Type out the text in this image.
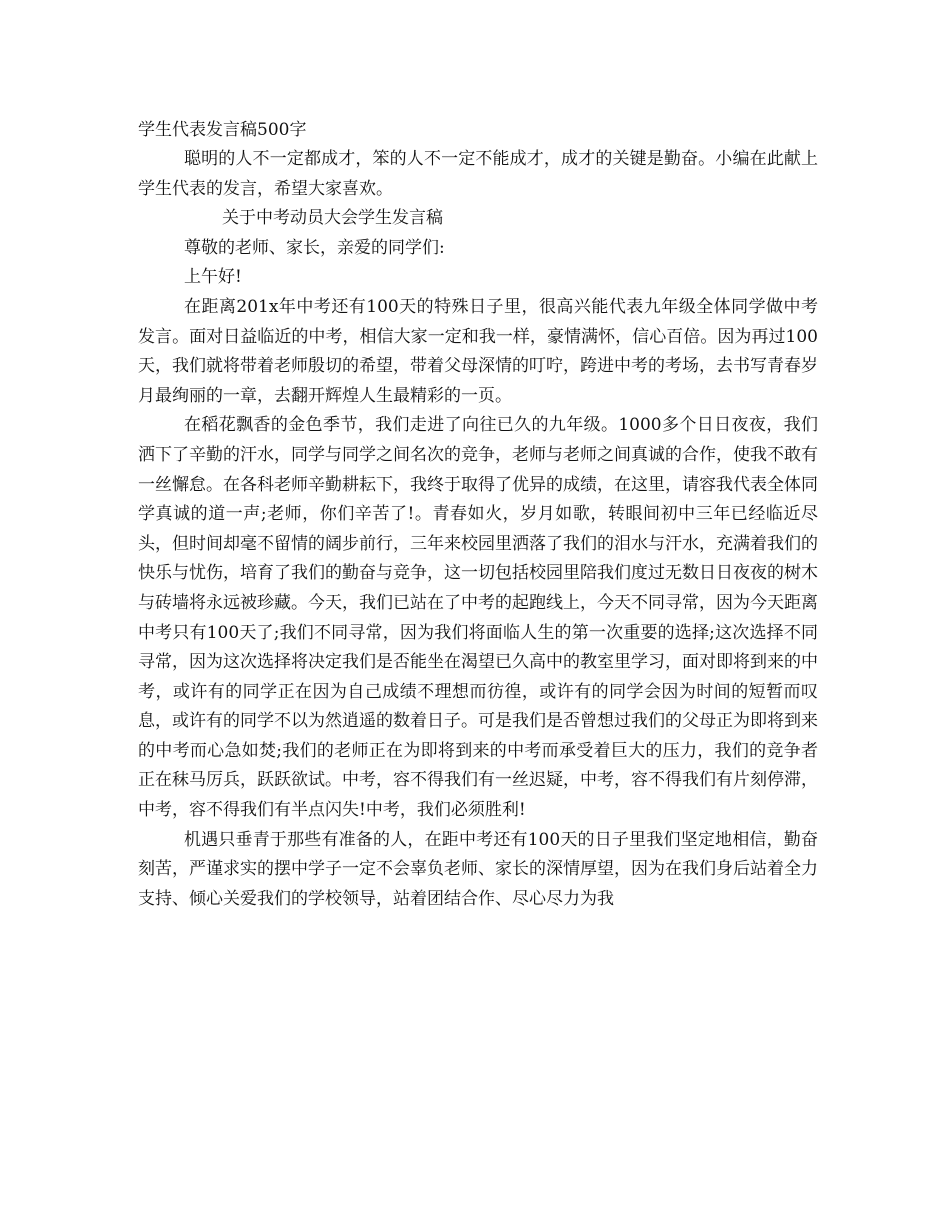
学生代表发言稿500字

聪明的人不一定都成才，笨的人不一定不能成才，成才的关键是勤奋。小编在此献上学生代表的发言，希望大家喜欢。

关于中考动员大会学生发言稿

尊敬的老师、家长，亲爱的同学们:

上午好!

在距离201x年中考还有100天的特殊日子里，很高兴能代表九年级全体同学做中考发言。面对日益临近的中考，相信大家一定和我一样，豪情满怀，信心百倍。因为再过100天，我们就将带着老师殷切的希望，带着父母深情的叮咛，跨进中考的考场，去书写青春岁月最绚丽的一章，去翻开辉煌人生最精彩的一页。

在稻花飘香的金色季节，我们走进了向往已久的九年级。1000多个日日夜夜，我们洒下了辛勤的汗水，同学与同学之间名次的竞争，老师与老师之间真诚的合作，使我不敢有一丝懈怠。在各科老师辛勤耕耘下，我终于取得了优异的成绩，在这里，请容我代表全体同学真诚的道一声;老师，你们辛苦了!。青春如火，岁月如歌，转眼间初中三年已经临近尽头，但时间却毫不留情的阔步前行，三年来校园里洒落了我们的泪水与汗水，充满着我们的快乐与忧伤，培育了我们的勤奋与竞争，这一切包括校园里陪我们度过无数日日夜夜的树木与砖墙将永远被珍藏。今天，我们已站在了中考的起跑线上，今天不同寻常，因为今天距离中考只有100天了;我们不同寻常，因为我们将面临人生的第一次重要的选择;这次选择不同寻常，因为这次选择将决定我们是否能坐在渴望已久高中的教室里学习，面对即将到来的中考，或许有的同学正在因为自己成绩不理想而彷徨，或许有的同学会因为时间的短暂而叹息，或许有的同学不以为然逍遥的数着日子。可是我们是否曾想过我们的父母正为即将到来的中考而心急如焚;我们的老师正在为即将到来的中考而承受着巨大的压力，我们的竞争者正在秣马厉兵，跃跃欲试。中考，容不得我们有一丝迟疑，中考，容不得我们有片刻停滞，中考，容不得我们有半点闪失!中考，我们必须胜利!

机遇只垂青于那些有准备的人，在距中考还有100天的日子里我们坚定地相信，勤奋刻苦，严谨求实的摆中学子一定不会辜负老师、家长的深情厚望，因为在我们身后站着全力支持、倾心关爱我们的学校领导，站着团结合作、尽心尽力为我
